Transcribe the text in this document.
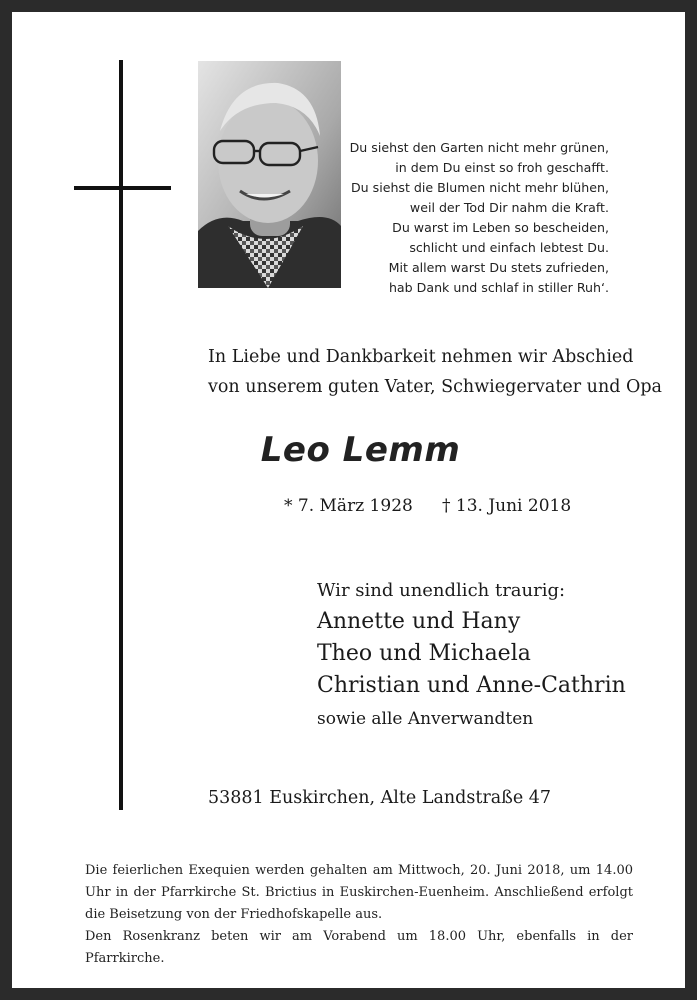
Du siehst den Garten nicht mehr grünen,
in dem Du einst so froh geschafft.
Du siehst die Blumen nicht mehr blühen,
weil der Tod Dir nahm die Kraft.
Du warst im Leben so bescheiden,
schlicht und einfach lebtest Du.
Mit allem warst Du stets zufrieden,
hab Dank und schlaf in stiller Ruh‘.
In Liebe und Dankbarkeit nehmen wir Abschied
von unserem guten Vater, Schwiegervater und Opa
Leo Lemm
* 7. März 1928 † 13. Juni 2018
Wir sind unendlich traurig:
Annette und Hany
Theo und Michaela
Christian und Anne-Cathrin
sowie alle Anverwandten
53881 Euskirchen, Alte Landstraße 47

Die feierlichen Exequien werden gehalten am Mittwoch, 20. Juni 2018, um 14.00 Uhr in der Pfarrkirche St. Brictius in Euskirchen-Euenheim. Anschließend erfolgt die Beisetzung von der Friedhofskapelle aus.

Den Rosenkranz beten wir am Vorabend um 18.00 Uhr, ebenfalls in der Pfarrkirche.
